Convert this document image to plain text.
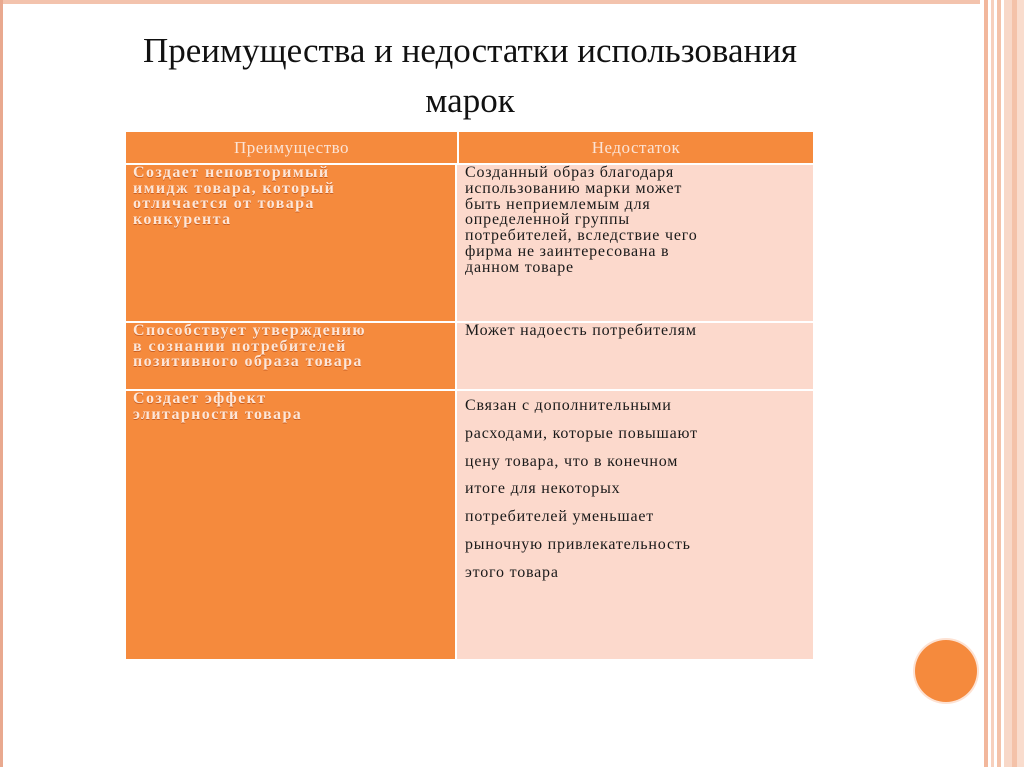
Преимущества и недостатки использования
марок
Преимущество	Недостаток
Создает неповторимый
имидж товара, который
отличается от товара
конкурента
Созданный образ благодаря
использованию марки может
быть неприемлемым для
определенной группы
потребителей, вследствие чего
фирма не заинтересована в
данном товаре
Способствует утверждению
в сознании потребителей
позитивного образа товара
Может надоесть потребителям
Создает эффект
элитарности товара	Связан с дополнительными
расходами, которые повышают
цену товара, что в конечном
итоге для некоторых
потребителей уменьшает
рыночную привлекательность
этого товара
